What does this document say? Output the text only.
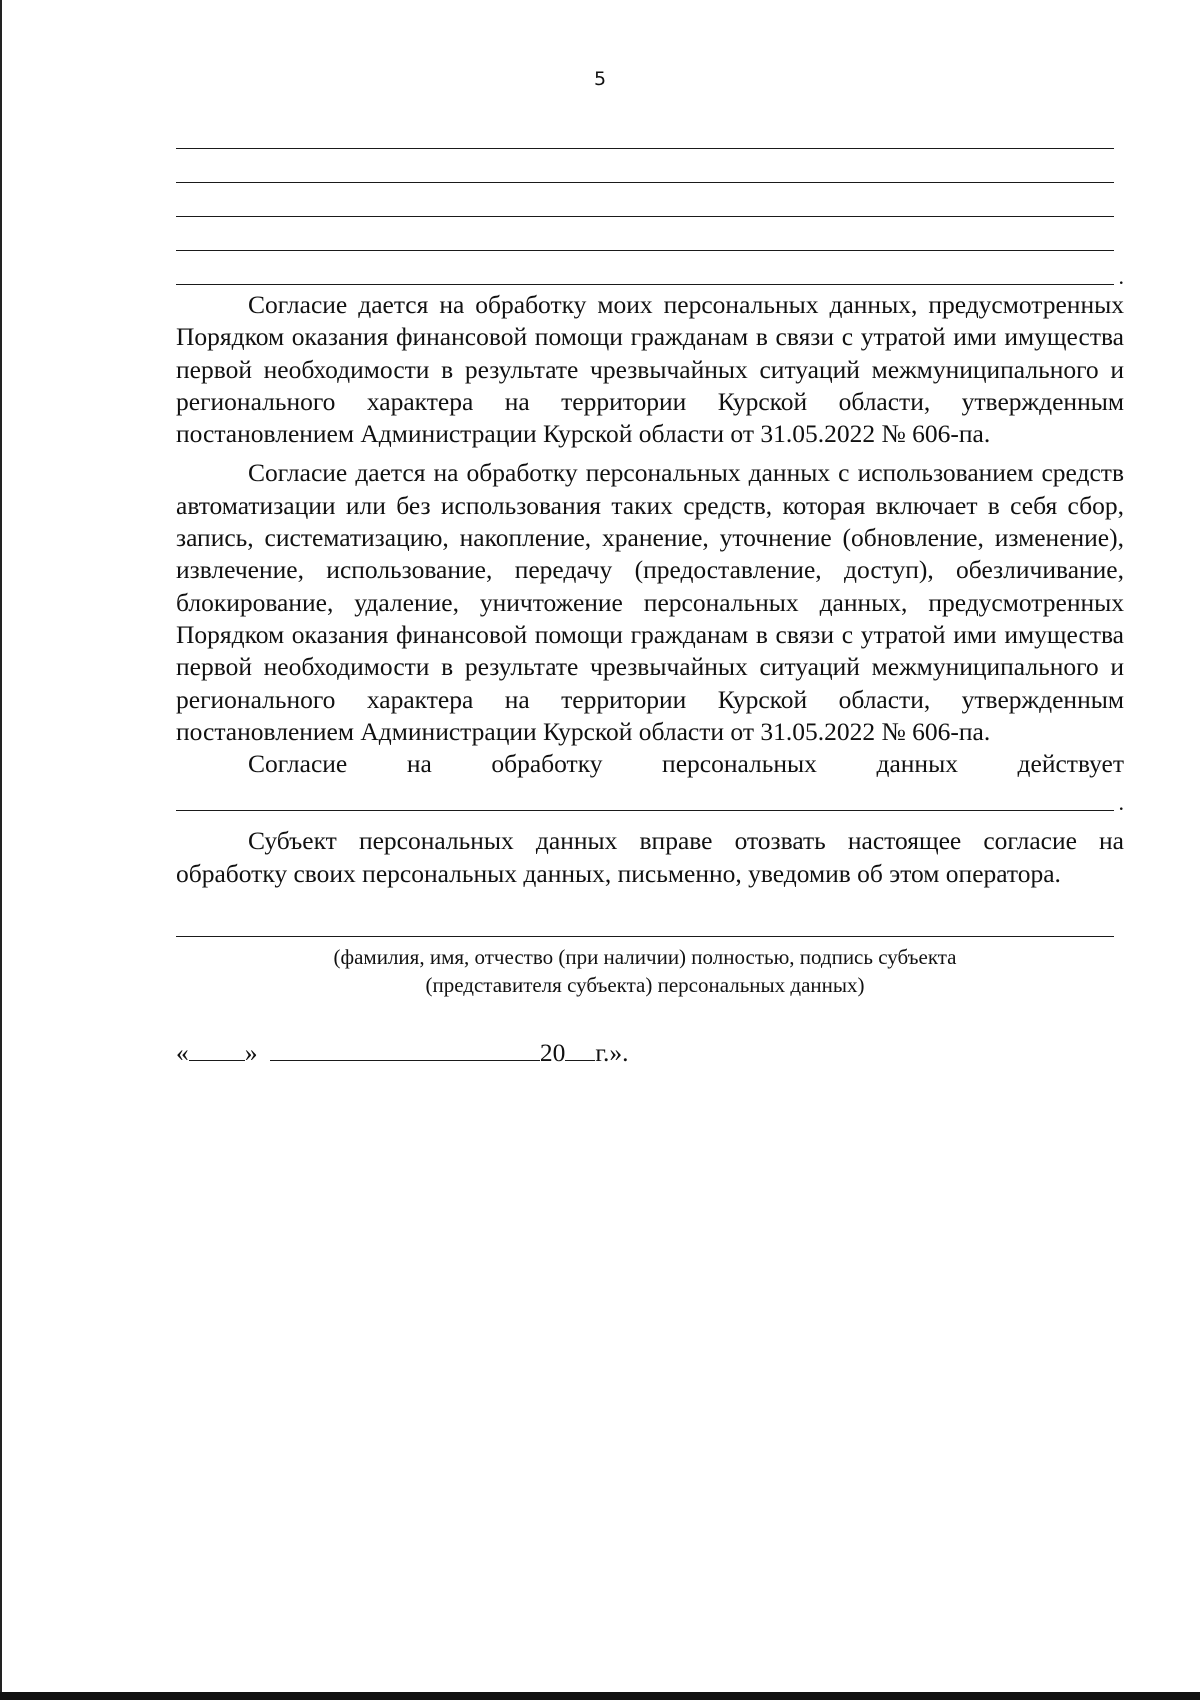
5
.

Согласие дается на обработку моих персональных данных, предусмотренных Порядком оказания финансовой помощи гражданам в связи с утратой ими имущества первой необходимости в результате чрезвычайных ситуаций межмуниципального и регионального характера на территории Курской области, утвержденным постановлением Администрации Курской области от 31.05.2022 № 606-па.

Согласие дается на обработку персональных данных с использованием средств автоматизации или без использования таких средств, которая включает в себя сбор, запись, систематизацию, накопление, хранение, уточнение (обновление, изменение), извлечение, использование, передачу (предоставление, доступ), обезличивание, блокирование, удаление, уничтожение персональных данных, предусмотренных Порядком оказания финансовой помощи гражданам в связи с утратой ими имущества первой необходимости в результате чрезвычайных ситуаций межмуниципального и регионального характера на территории Курской области, утвержденным постановлением Администрации Курской области от 31.05.2022 № 606-па.

Согласие на обработку персональных данных действует

.

Субъект персональных данных вправе отозвать настоящее согласие на обработку своих персональных данных, письменно, уведомив об этом оператора.

(фамилия, имя, отчество (при наличии) полностью, подпись субъекта
(представителя субъекта) персональных данных)

« »	20 г.».
